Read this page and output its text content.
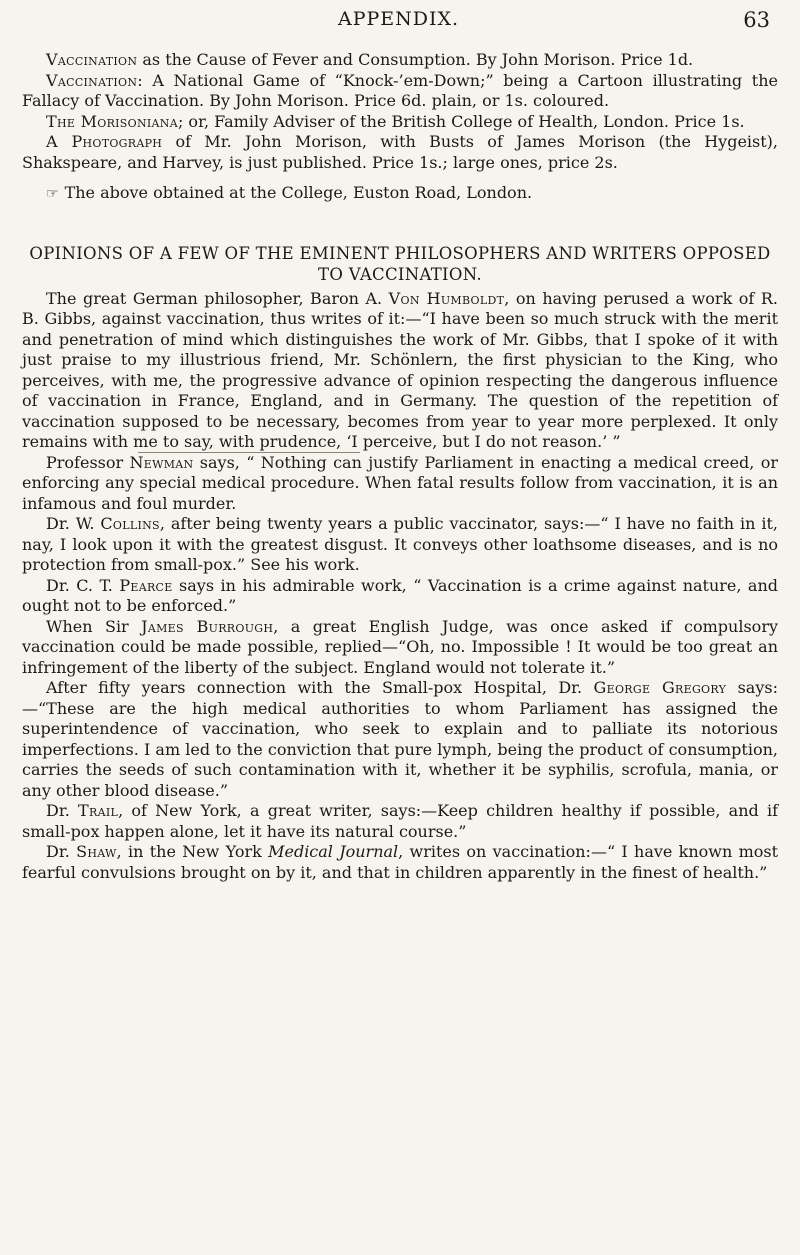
APPENDIX.	63

Vaccination as the Cause of Fever and Consumption. By John Morison. Price 1d.

Vaccination: A National Game of “Knock-’em-Down;” being a Cartoon illustrating the Fallacy of Vaccination. By John Morison. Price 6d. plain, or 1s. coloured.

The Morisoniana; or, Family Adviser of the British College of Health, London. Price 1s.

A Photograph of Mr. John Morison, with Busts of James Morison (the Hygeist), Shakspeare, and Harvey, is just published. Price 1s.; large ones, price 2s.

☞ The above obtained at the College, Euston Road, London.

OPINIONS OF A FEW OF THE EMINENT PHILOSOPHERS AND WRITERS OPPOSED TO VACCINATION.

The great German philosopher, Baron A. Von Humboldt, on having perused a work of R. B. Gibbs, against vaccination, thus writes of it:—“I have been so much struck with the merit and penetration of mind which distinguishes the work of Mr. Gibbs, that I spoke of it with just praise to my illustrious friend, Mr. Schönlern, the first physician to the King, who perceives, with me, the progressive advance of opinion respecting the dangerous influence of vaccination in France, England, and in Germany. The question of the repetition of vaccination supposed to be necessary, becomes from year to year more perplexed. It only remains with me to say, with prudence, ‘I perceive, but I do not reason.’ ”

Professor Newman says, “ Nothing can justify Parliament in enacting a medical creed, or enforcing any special medical procedure. When fatal results follow from vaccination, it is an infamous and foul murder.

Dr. W. Collins, after being twenty years a public vaccinator, says:—“ I have no faith in it, nay, I look upon it with the greatest disgust. It conveys other loathsome diseases, and is no protection from small-pox.” See his work.

Dr. C. T. Pearce says in his admirable work, “ Vaccination is a crime against nature, and ought not to be enforced.”

When Sir James Burrough, a great English Judge, was once asked if compulsory vaccination could be made possible, replied—“Oh, no. Impossible ! It would be too great an infringement of the liberty of the subject. England would not tolerate it.”

After fifty years connection with the Small-pox Hospital, Dr. George Gregory says:—“These are the high medical authorities to whom Parliament has assigned the superintendence of vaccination, who seek to explain and to palliate its notorious imperfections. I am led to the conviction that pure lymph, being the product of consumption, carries the seeds of such contamination with it, whether it be syphilis, scrofula, mania, or any other blood disease.”

Dr. Trail, of New York, a great writer, says:—Keep children healthy if possible, and if small-pox happen alone, let it have its natural course.”

Dr. Shaw, in the New York Medical Journal, writes on vaccination:—“ I have known most fearful convulsions brought on by it, and that in children apparently in the finest of health.”
